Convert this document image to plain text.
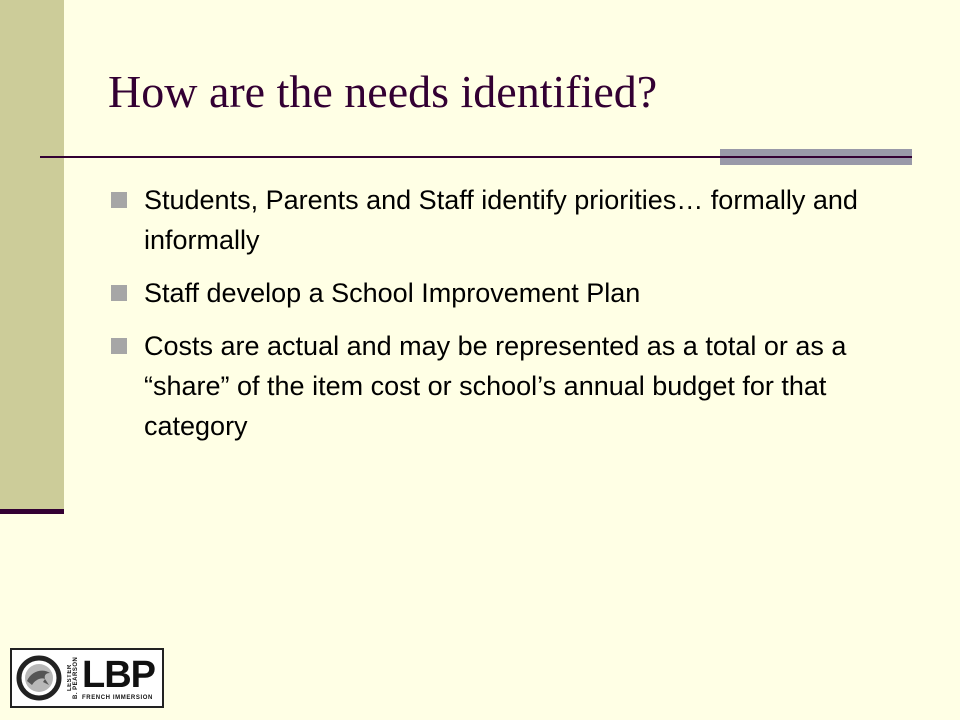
How are the needs identified?
Students, Parents and Staff identify priorities… formally and informally
Staff develop a School Improvement Plan
Costs are actual and may be represented as a total or as a “share” of the item cost or school’s annual budget for that category
LESTER B. PEARSON LBP
FRENCH IMMERSION
